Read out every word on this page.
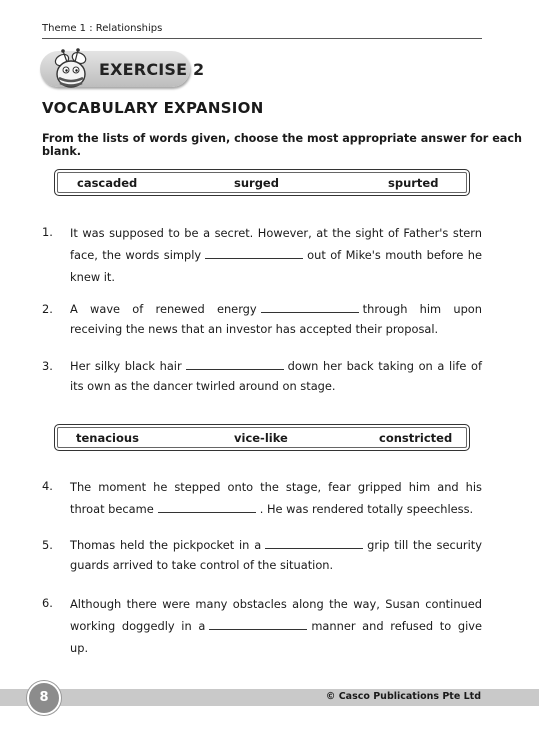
Theme 1 : Relationships
EXERCISE 2
VOCABULARY EXPANSION
From the lists of words given, choose the most appropriate answer for each blank.
cascaded	surged	spurted
1. It was supposed to be a secret. However, at the sight of Father's stern face, the words simply	out of Mike's mouth before he knew it.
2. A wave of renewed energy	through him upon receiving the news that an investor has accepted their proposal.
3. Her silky black hair	down her back taking on a life of its own as the dancer twirled around on stage.
tenacious	vice-like	constricted
4. The moment he stepped onto the stage, fear gripped him and his throat became	. He was rendered totally speechless.
5. Thomas held the pickpocket in a	grip till the security guards arrived to take control of the situation.
6. Although there were many obstacles along the way, Susan continued working doggedly in a	manner and refused to give up.
8	© Casco Publications Pte Ltd
